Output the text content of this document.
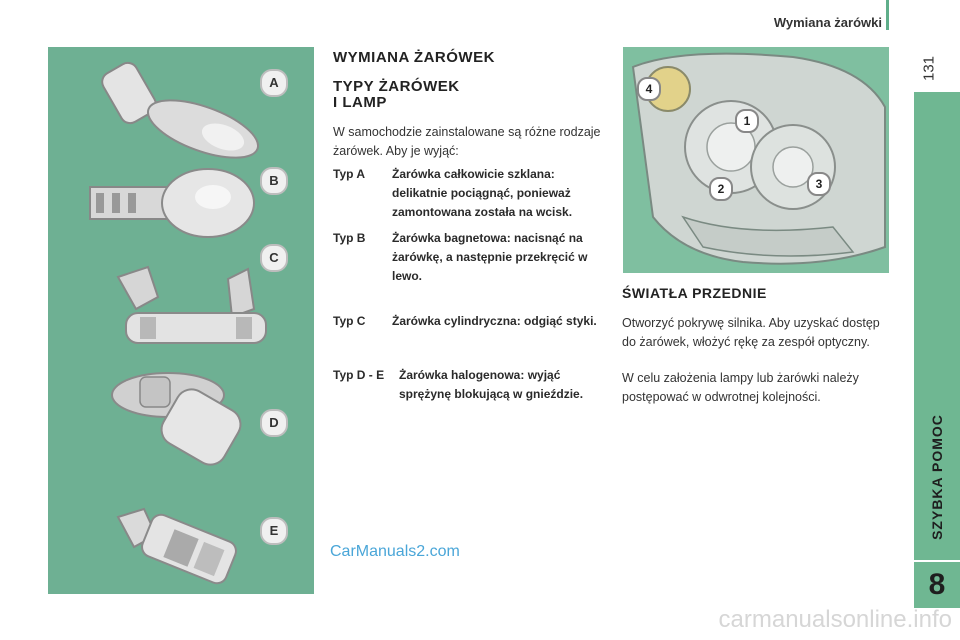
Wymiana żarówki
131
SZYBKA POMOC
8
A
B
C
D
E
CarManuals2.com
WYMIANA ŻARÓWEK
TYPY ŻARÓWEK
I LAMP
W samochodzie zainstalowane są różne rodzaje żarówek. Aby je wyjąć:
Typ A Żarówka całkowicie szklana: delikatnie pociągnąć, ponieważ zamontowana została na wcisk.
Typ B Żarówka bagnetowa: nacisnąć na żarówkę, a następnie przekręcić w lewo.
Typ C Żarówka cylindryczna: odgiąć styki.
Typ D - E Żarówka halogenowa: wyjąć sprężynę blokującą w gnieździe.
1
2	3
4
ŚWIATŁA PRZEDNIE
Otworzyć pokrywę silnika. Aby uzyskać dostęp do żarówek, włożyć rękę za zespół optyczny.
W celu założenia lampy lub żarówki należy postępować w odwrotnej kolejności.
carmanualsonline.info
